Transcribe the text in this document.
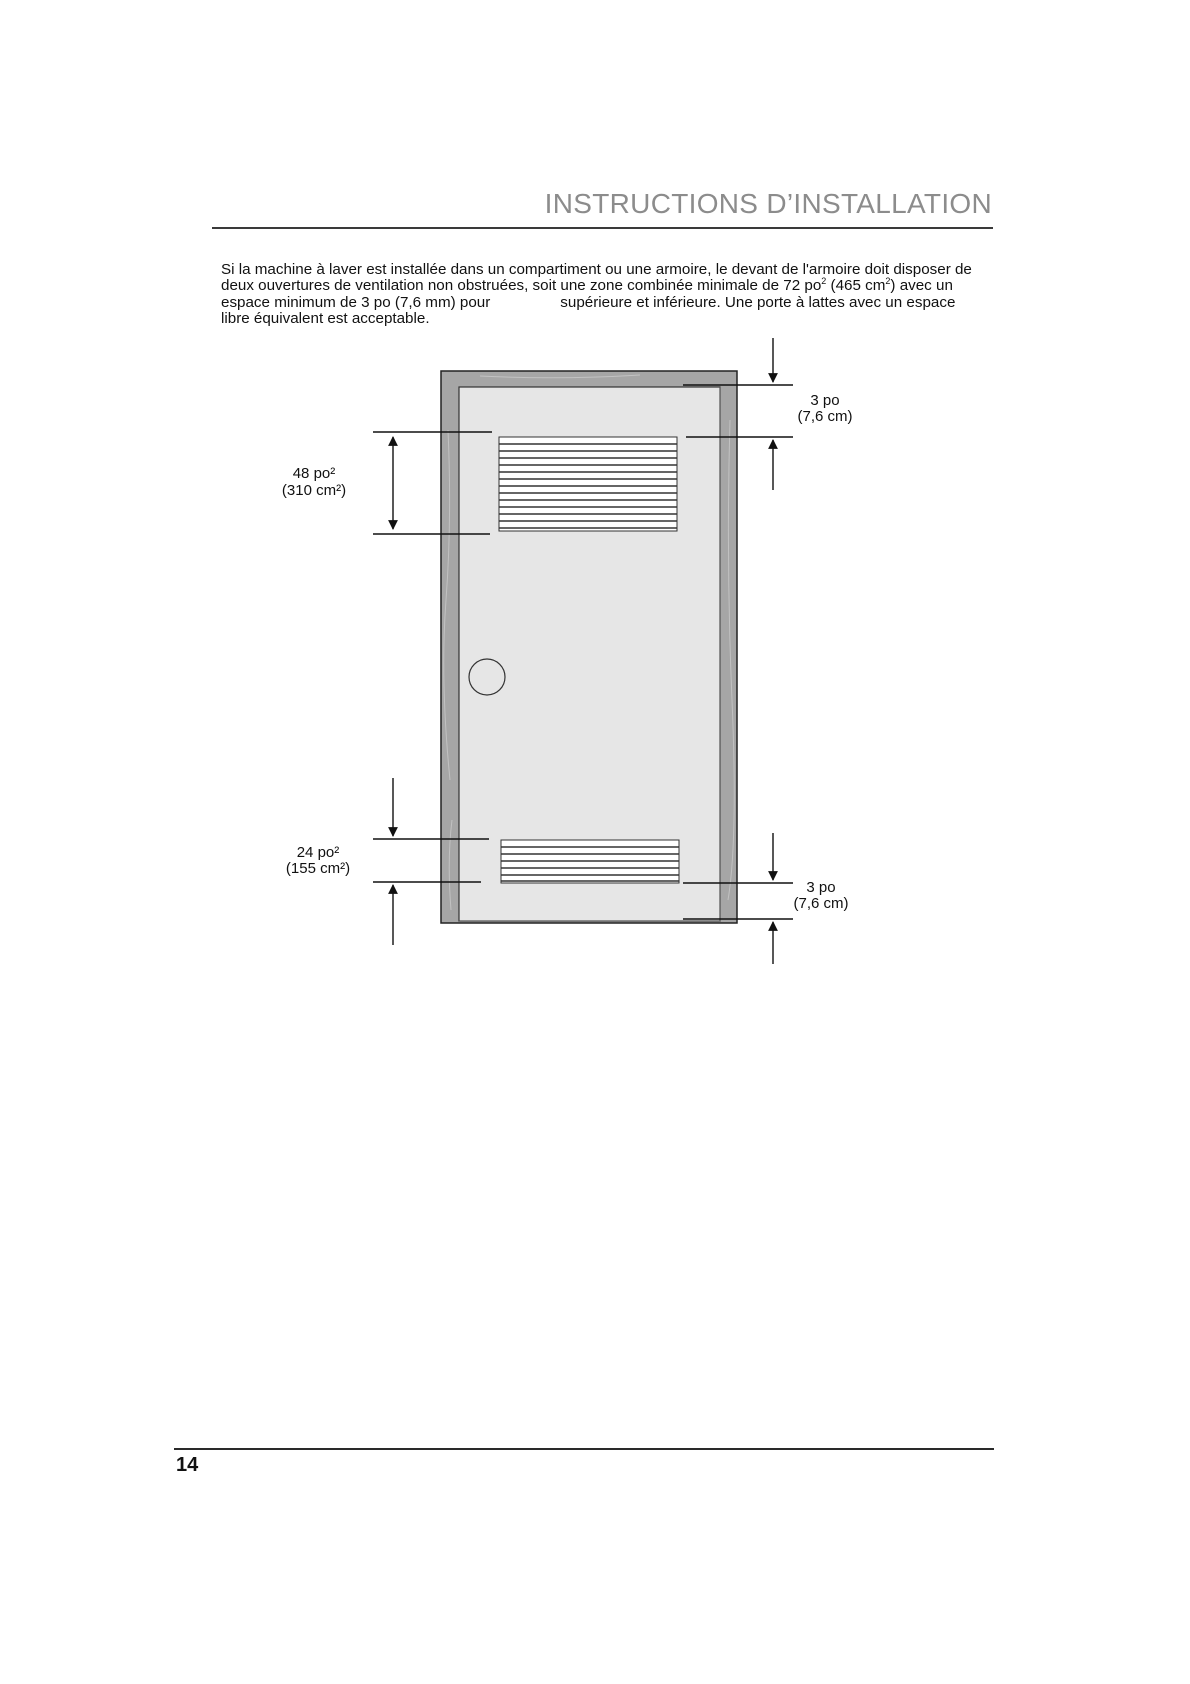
INSTRUCTIONS D’INSTALLATION

Si la machine à laver est installée dans un compartiment ou une armoire, le devant de l'armoire doit disposer de deux ouvertures de ventilation non obstruées, soit une zone combinée minimale de 72 $po^2$ (465 $cm^2$) avec un espace minimum de 3 po (7,6 mm) pour	supérieure et inférieure. Une porte à lattes avec un espace libre équivalent est acceptable.

48 po²
(310 cm²)
24 po²
(155 cm²)
3 po
(7,6 cm)
3 po
(7,6 cm)
14
